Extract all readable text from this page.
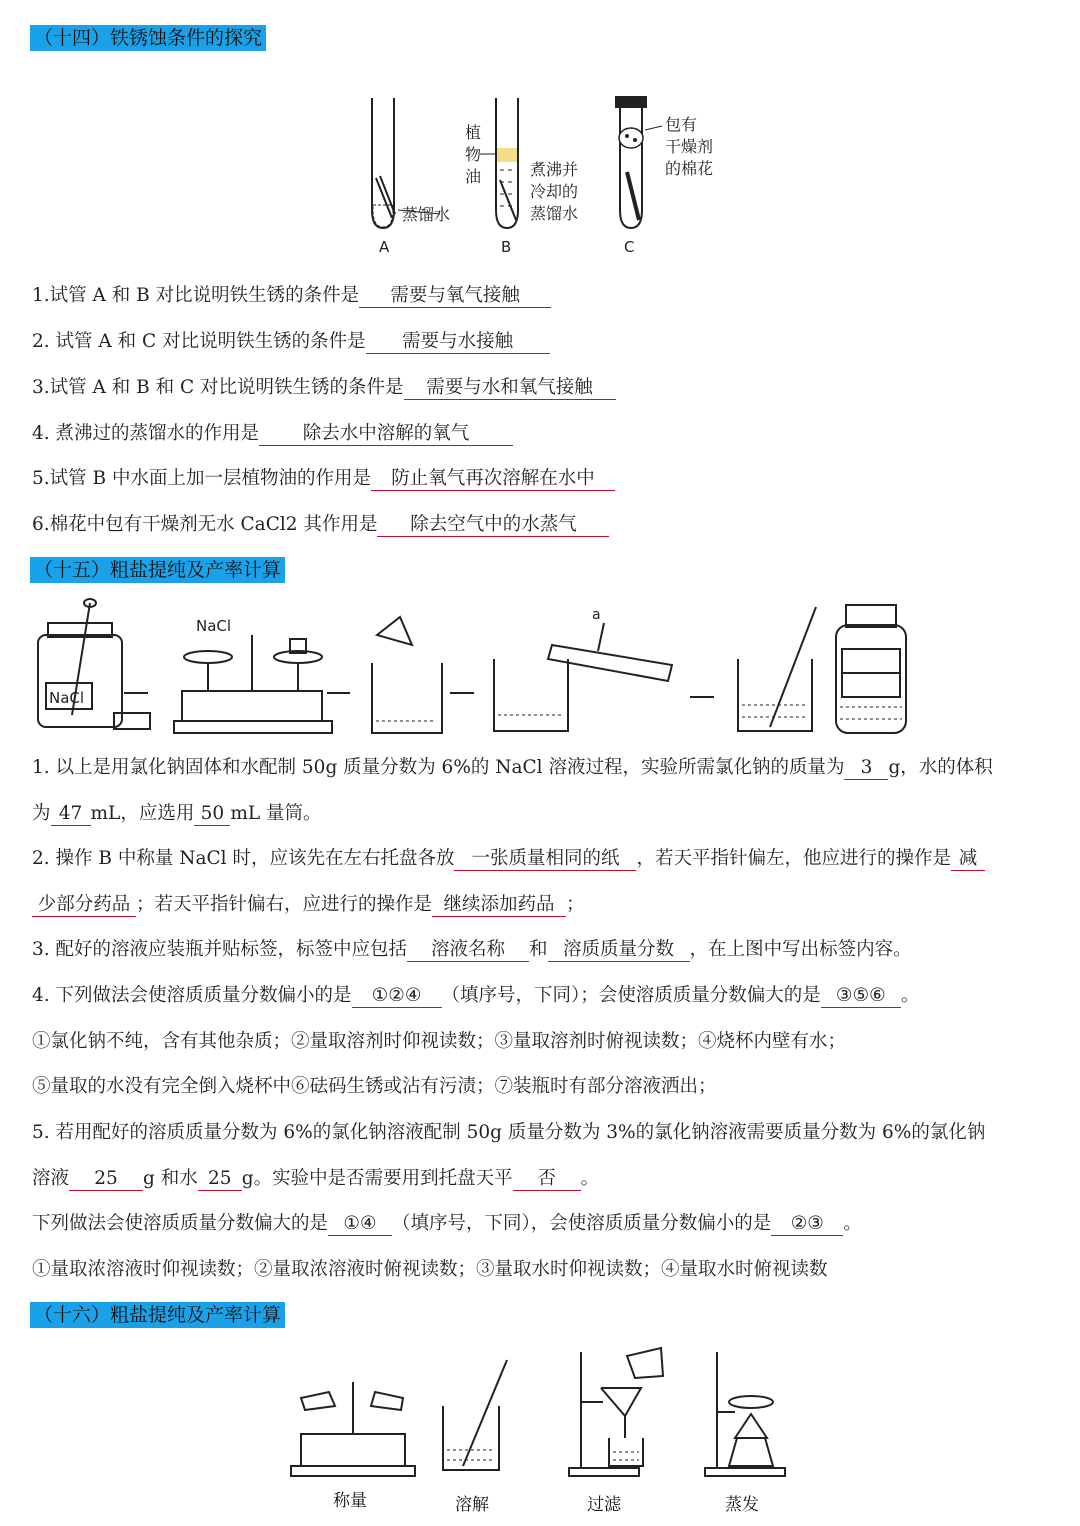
（十四）铁锈蚀条件的探究
蒸馏水
植
物
油	煮沸并
冷却的
蒸馏水
包有
干燥剂
的棉花
A	B	C
1.试管 A 和 B 对比说明铁生锈的条件是 需要与氧气接触
2. 试管 A 和 C 对比说明铁生锈的条件是 需要与水接触
3.试管 A 和 B 和 C 对比说明铁生锈的条件是 需要与水和氧气接触
4. 煮沸过的蒸馏水的作用是 除去水中溶解的氧气
5.试管 B 中水面上加一层植物油的作用是 防止氧气再次溶解在水中
6.棉花中包有干燥剂无水 CaCl2 其作用是 除去空气中的水蒸气
（十五）粗盐提纯及产率计算
NaCl
NaCl
a
1. 以上是用氯化钠固体和水配制 50g 质量分数为 6%的 NaCl 溶液过程，实验所需氯化钠的质量为 3 g，水的体积
为 47 mL，应选用 50 mL 量筒。
2. 操作 B 中称量 NaCl 时，应该先在左右托盘各放 一张质量相同的纸 ，若天平指针偏左，他应进行的操作是 减
少部分药品 ；若天平指针偏右，应进行的操作是 继续添加药品 ；
3. 配好的溶液应装瓶并贴标签，标签中应包括 溶液名称 和 溶质质量分数 ，在上图中写出标签内容。
4. 下列做法会使溶质质量分数偏小的是 ①②④ （填序号，下同）；会使溶质质量分数偏大的是 ③⑤⑥ 。
①氯化钠不纯，含有其他杂质；②量取溶剂时仰视读数；③量取溶剂时俯视读数；④烧杯内壁有水；
⑤量取的水没有完全倒入烧杯中⑥砝码生锈或沾有污渍；⑦装瓶时有部分溶液洒出；
5. 若用配好的溶质质量分数为 6%的氯化钠溶液配制 50g 质量分数为 3%的氯化钠溶液需要质量分数为 6%的氯化钠
溶液 25 g 和水 25 g。实验中是否需要用到托盘天平 否 。
下列做法会使溶质质量分数偏大的是 ①④ （填序号，下同），会使溶质质量分数偏小的是 ②③ 。
①量取浓溶液时仰视读数；②量取浓溶液时俯视读数；③量取水时仰视读数；④量取水时俯视读数
（十六）粗盐提纯及产率计算
称量	溶解	过滤	蒸发
